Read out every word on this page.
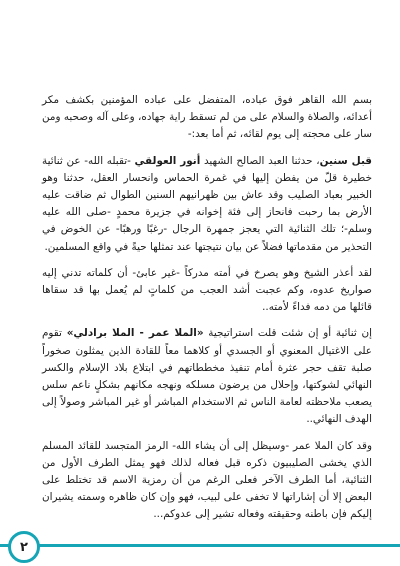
بسم الله القاهر فوق عباده، المتفضل على عباده المؤمنين بكشف مكر أعدائه، والصلاة والسلام على من لم تسقط راية جهاده، وعلى آله وصحبه ومن سار على محجته إلى يوم لقائه، ثم أما بعد:-

قبل سنين، حدثنا العبد الصالح الشهيد أنور العولقي -تقبله الله- عن ثنائية خطيرة قلّ من يفطن إليها في غمرة الحماس وانحسار العقل، حدثنا وهو الخبير بعباد الصليب وقد عاش بين ظهرانيهم السنين الطوال ثم ضاقت عليه الأرض بما رحبت فانحاز إلى فئة إخوانه في جزيرة محمدٍ -صلى الله عليه وسلم-؛ تلك الثنائية التي يعجز جمهرة الرجال -رغبًا ورهبًا- عن الخوض في التحذير من مقدماتها فضلاً عن بيان نتيجتها عند تمثلها حيةً في واقع المسلمين.

لقد أعذر الشيخ وهو يصرخ في أمته مدركاً -غير عابئ- أن كلماته تدني إليه صواريخ عدوه، وكم عجبت أشد العجب من كلماتٍ لم يُعمل بها قد سقاها قائلها من دمه فداءً لأمته..

إن ثنائية أو إن شئت قلت استراتيجية «الملا عمر - الملا برادلي» تقوم على الاغتيال المعنوي أو الجسدي أو كلاهما معاً للقادة الذين يمثلون صخوراً صلبة تقف حجر عثرة أمام تنفيذ مخططاتهم في ابتلاع بلاد الإسلام والكسر النهائي لشوكتها، وإحلال من يرضون مسلكه ونهجه مكانهم بشكلٍ ناعم سلس يصعب ملاحظته لعامة الناس ثم الاستخدام المباشر أو غير المباشر وصولاً إلى الهدف النهائي..

وقد كان الملا عمر -وسيظل إلى أن يشاء الله- الرمز المتجسد للقائد المسلم الذي يخشى الصليبيون ذكره قبل فعاله لذلك فهو يمثل الطرف الأول من الثنائية، أما الطرف الآخر فعلى الرغم من أن رمزية الاسم قد تختلط على البعض إلا أن إشاراتها لا تخفى على لبيب، فهو وإن كان ظاهره وسمته يشيران إليكم فإن باطنه وحقيقته وفعاله تشير إلى عدوكم...

٢
